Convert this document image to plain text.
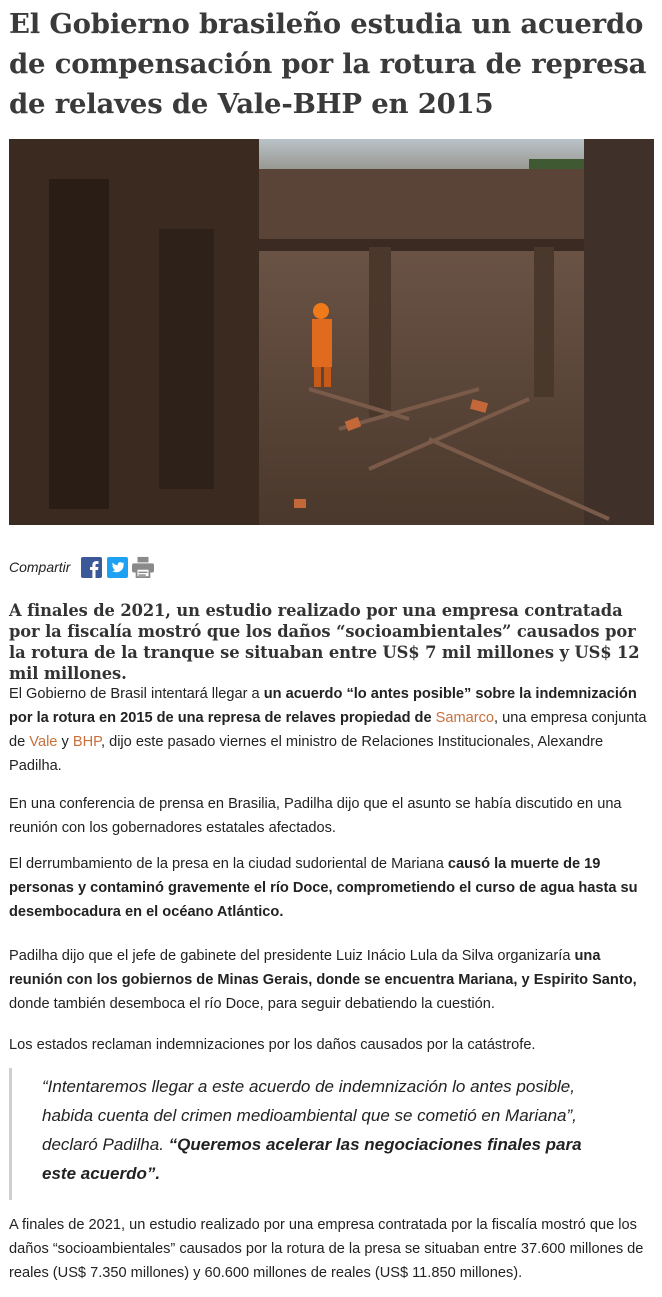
El Gobierno brasileño estudia un acuerdo de compensación por la rotura de represa de relaves de Vale-BHP en 2015
Compartir

A finales de 2021, un estudio realizado por una empresa contratada por la fiscalía mostró que los daños “socioambientales” causados por la rotura de la tranque se situaban entre US$ 7 mil millones y US$ 12 mil millones.

El Gobierno de Brasil intentará llegar a un acuerdo “lo antes posible” sobre la indemnización por la rotura en 2015 de una represa de relaves propiedad de Samarco, una empresa conjunta de Vale y BHP, dijo este pasado viernes el ministro de Relaciones Institucionales, Alexandre Padilha.

En una conferencia de prensa en Brasilia, Padilha dijo que el asunto se había discutido en una reunión con los gobernadores estatales afectados.

El derrumbamiento de la presa en la ciudad sudoriental de Mariana causó la muerte de 19 personas y contaminó gravemente el río Doce, comprometiendo el curso de agua hasta su desembocadura en el océano Atlántico.

Padilha dijo que el jefe de gabinete del presidente Luiz Inácio Lula da Silva organizaría una reunión con los gobiernos de Minas Gerais, donde se encuentra Mariana, y Espirito Santo, donde también desemboca el río Doce, para seguir debatiendo la cuestión.

Los estados reclaman indemnizaciones por los daños causados por la catástrofe.

“Intentaremos llegar a este acuerdo de indemnización lo antes posible, habida cuenta del crimen medioambiental que se cometió en Mariana”, declaró Padilha. “Queremos acelerar las negociaciones finales para este acuerdo”.

A finales de 2021, un estudio realizado por una empresa contratada por la fiscalía mostró que los daños “socioambientales” causados por la rotura de la presa se situaban entre 37.600 millones de reales (US$ 7.350 millones) y 60.600 millones de reales (US$ 11.850 millones).
